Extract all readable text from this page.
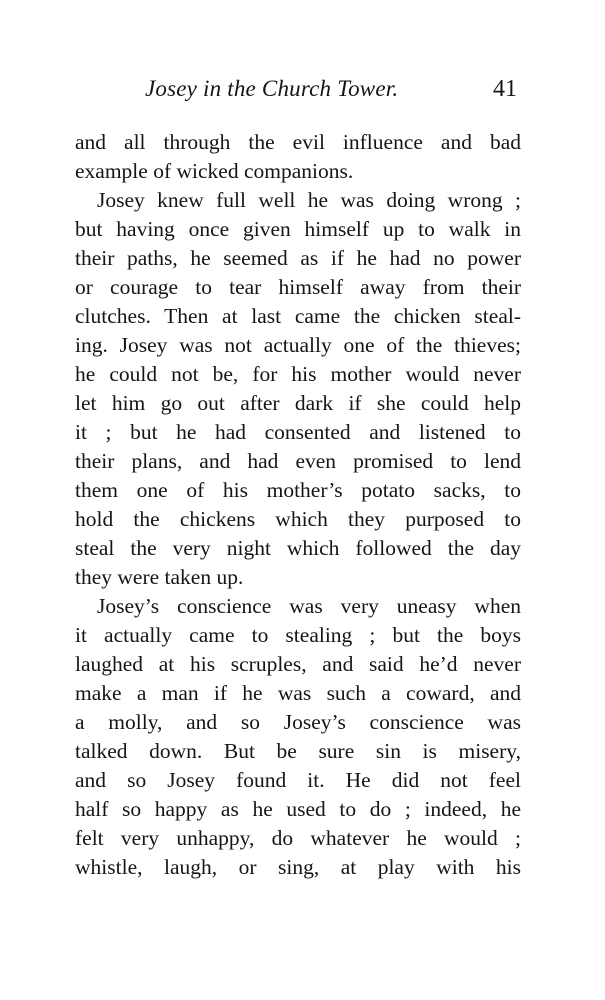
Josey in the Church Tower.	41
and all through the evil influence and bad
example of wicked companions.
Josey knew full well he was doing wrong ;
but having once given himself up to walk in
their paths, he seemed as if he had no power
or courage to tear himself away from their
clutches. Then at last came the chicken steal-
ing. Josey was not actually one of the thieves;
he could not be, for his mother would never
let him go out after dark if she could help
it ; but he had consented and listened to
their plans, and had even promised to lend
them one of his mother’s potato sacks, to
hold the chickens which they purposed to
steal the very night which followed the day
they were taken up.
Josey’s conscience was very uneasy when
it actually came to stealing ; but the boys
laughed at his scruples, and said he’d never
make a man if he was such a coward, and
a molly, and so Josey’s conscience was
talked down. But be sure sin is misery,
and so Josey found it. He did not feel
half so happy as he used to do ; indeed, he
felt very unhappy, do whatever he would ;
whistle, laugh, or sing, at play with his
